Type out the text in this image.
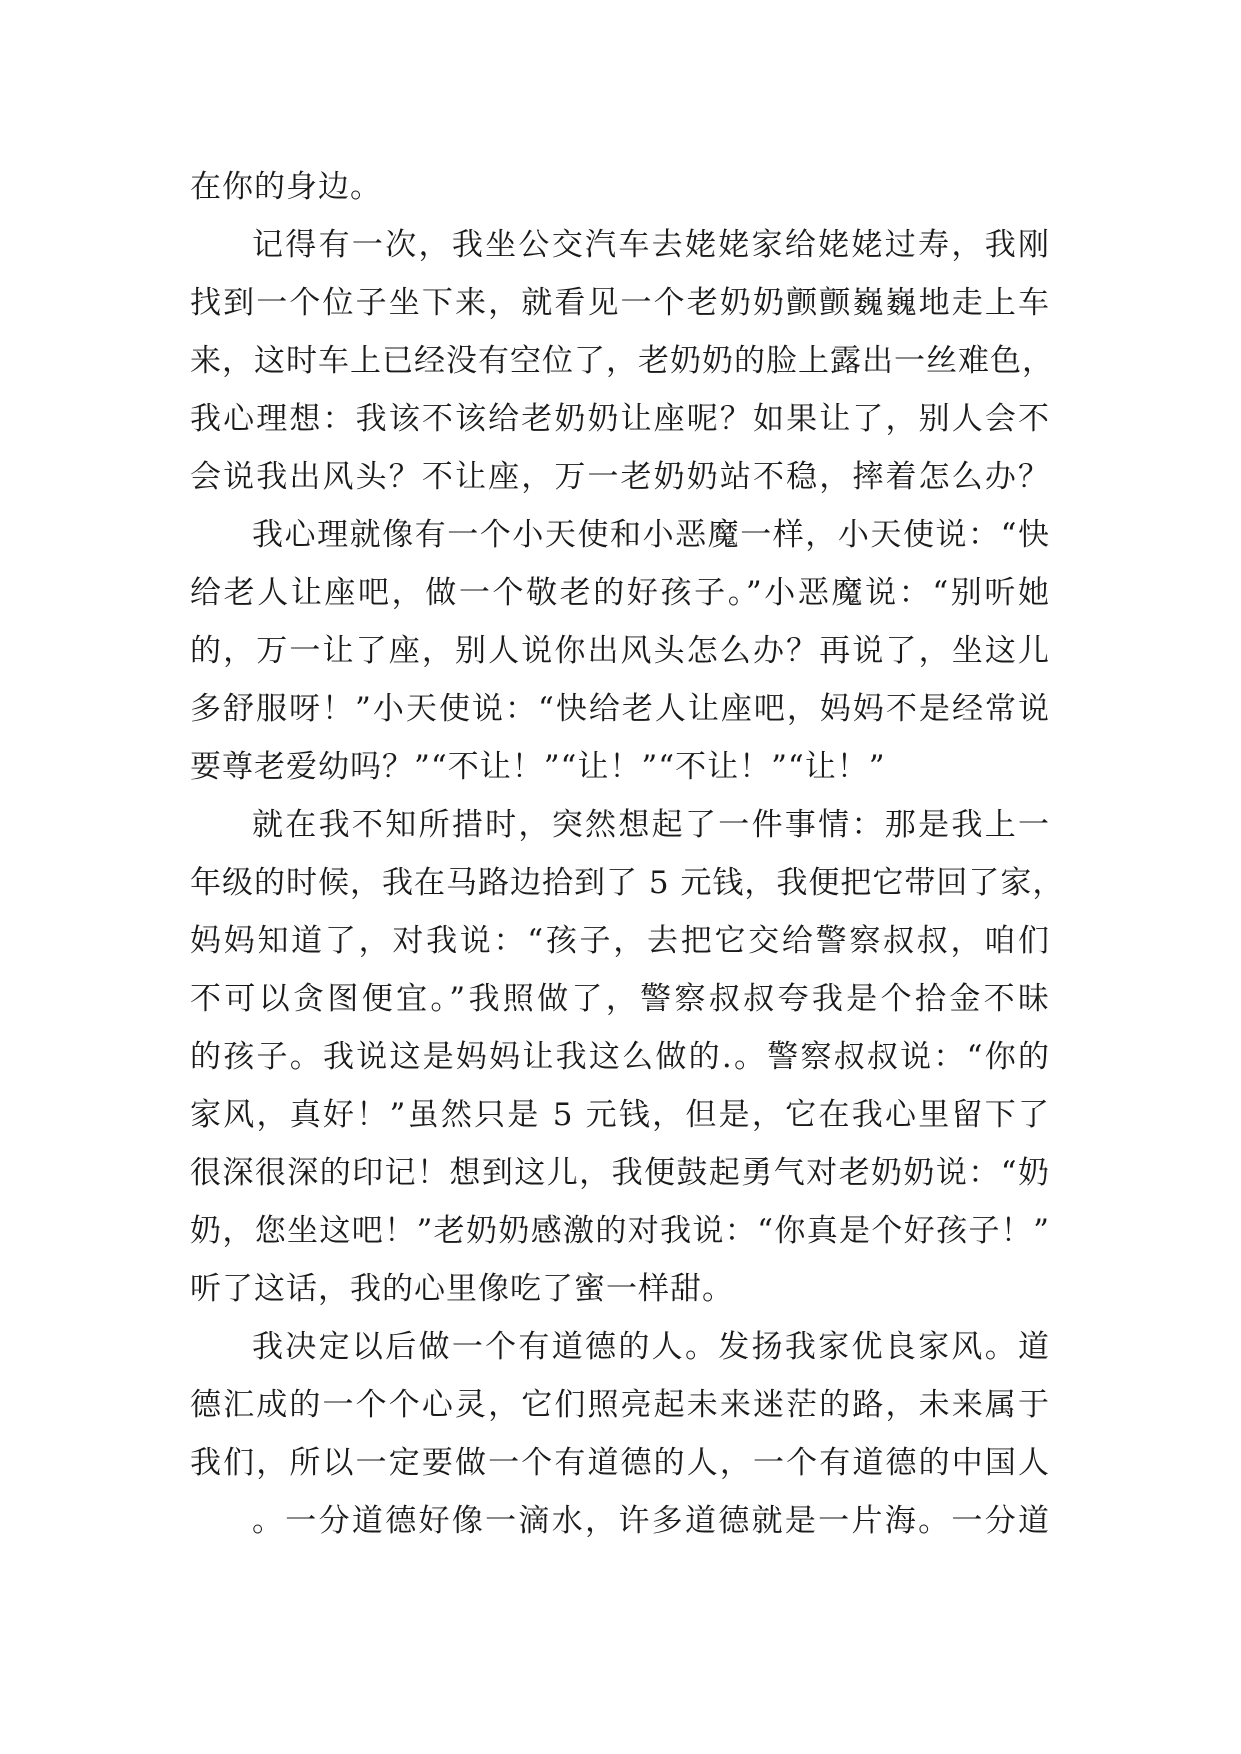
在你的身边。
记得有一次，我坐公交汽车去姥姥家给姥姥过寿，我刚
找到一个位子坐下来，就看见一个老奶奶颤颤巍巍地走上车
来，这时车上已经没有空位了，老奶奶的脸上露出一丝难色，
我心理想：我该不该给老奶奶让座呢？如果让了，别人会不
会说我出风头？不让座，万一老奶奶站不稳，摔着怎么办？
我心理就像有一个小天使和小恶魔一样，小天使说：“快
给老人让座吧，做一个敬老的好孩子。”小恶魔说：“别听她
的，万一让了座，别人说你出风头怎么办？再说了，坐这儿
多舒服呀！”小天使说：“快给老人让座吧，妈妈不是经常说
要尊老爱幼吗？”“不让！”“让！”“不让！”“让！”
就在我不知所措时，突然想起了一件事情：那是我上一
年级的时候，我在马路边拾到了 5 元钱，我便把它带回了家，
妈妈知道了，对我说：“孩子，去把它交给警察叔叔，咱们
不可以贪图便宜。”我照做了，警察叔叔夸我是个拾金不昧
的孩子。我说这是妈妈让我这么做的.。警察叔叔说：“你的
家风，真好！”虽然只是 5 元钱，但是，它在我心里留下了
很深很深的印记！想到这儿，我便鼓起勇气对老奶奶说：“奶
奶，您坐这吧！”老奶奶感激的对我说：“你真是个好孩子！”
听了这话，我的心里像吃了蜜一样甜。
我决定以后做一个有道德的人。发扬我家优良家风。道
德汇成的一个个心灵，它们照亮起未来迷茫的路，未来属于
我们，所以一定要做一个有道德的人，一个有道德的中国人
。一分道德好像一滴水，许多道德就是一片海。一分道
